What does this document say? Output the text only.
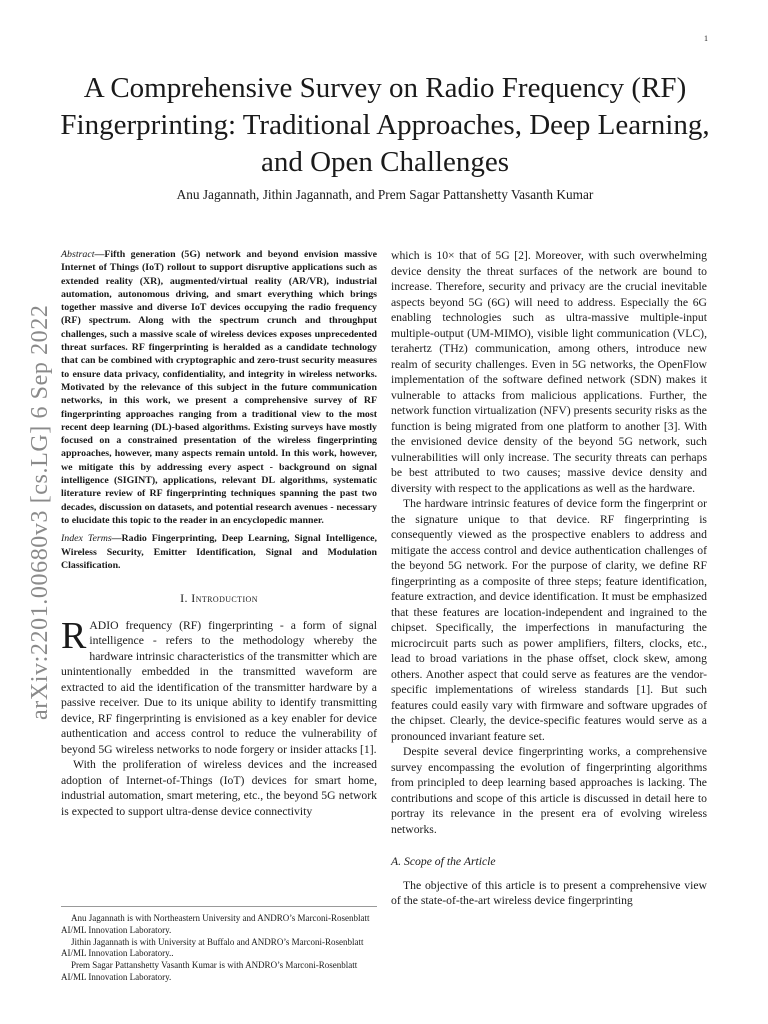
1
arXiv:2201.00680v3 [cs.LG] 6 Sep 2022
A Comprehensive Survey on Radio Frequency (RF) Fingerprinting: Traditional Approaches, Deep Learning, and Open Challenges
Anu Jagannath, Jithin Jagannath, and Prem Sagar Pattanshetty Vasanth Kumar
Abstract—Fifth generation (5G) network and beyond envision massive Internet of Things (IoT) rollout to support disruptive applications such as extended reality (XR), augmented/virtual reality (AR/VR), industrial automation, autonomous driving, and smart everything which brings together massive and diverse IoT devices occupying the radio frequency (RF) spectrum. Along with the spectrum crunch and throughput challenges, such a massive scale of wireless devices exposes unprecedented threat surfaces. RF fingerprinting is heralded as a candidate technology that can be combined with cryptographic and zero-trust security measures to ensure data privacy, confidentiality, and integrity in wireless networks. Motivated by the relevance of this subject in the future communication networks, in this work, we present a comprehensive survey of RF fingerprinting approaches ranging from a traditional view to the most recent deep learning (DL)-based algorithms. Existing surveys have mostly focused on a constrained presentation of the wireless fingerprinting approaches, however, many aspects remain untold. In this work, however, we mitigate this by addressing every aspect - background on signal intelligence (SIGINT), applications, relevant DL algorithms, systematic literature review of RF fingerprinting techniques spanning the past two decades, discussion on datasets, and potential research avenues - necessary to elucidate this topic to the reader in an encyclopedic manner.
Index Terms—Radio Fingerprinting, Deep Learning, Signal Intelligence, Wireless Security, Emitter Identification, Signal and Modulation Classification.
I. Introduction
RADIO frequency (RF) fingerprinting - a form of signal intelligence - refers to the methodology whereby the hardware intrinsic characteristics of the transmitter which are unintentionally embedded in the transmitted waveform are extracted to aid the identification of the transmitter hardware by a passive receiver. Due to its unique ability to identify transmitting device, RF fingerprinting is envisioned as a key enabler for device authentication and access control to reduce the vulnerability of beyond 5G wireless networks to node forgery or insider attacks [1].

With the proliferation of wireless devices and the increased adoption of Internet-of-Things (IoT) devices for smart home, industrial automation, smart metering, etc., the beyond 5G network is expected to support ultra-dense device connectivity

Anu Jagannath is with Northeastern University and ANDRO’s Marconi-Rosenblatt AI/ML Innovation Laboratory.

Jithin Jagannath is with University at Buffalo and ANDRO’s Marconi-Rosenblatt AI/ML Innovation Laboratory..

Prem Sagar Pattanshetty Vasanth Kumar is with ANDRO’s Marconi-Rosenblatt AI/ML Innovation Laboratory.

which is 10× that of 5G [2]. Moreover, with such overwhelming device density the threat surfaces of the network are bound to increase. Therefore, security and privacy are the crucial inevitable aspects beyond 5G (6G) will need to address. Especially the 6G enabling technologies such as ultra-massive multiple-input multiple-output (UM-MIMO), visible light communication (VLC), terahertz (THz) communication, among others, introduce new realm of security challenges. Even in 5G networks, the OpenFlow implementation of the software defined network (SDN) makes it vulnerable to attacks from malicious applications. Further, the network function virtualization (NFV) presents security risks as the function is being migrated from one platform to another [3]. With the envisioned device density of the beyond 5G network, such vulnerabilities will only increase. The security threats can perhaps be best attributed to two causes; massive device density and diversity with respect to the applications as well as the hardware.

The hardware intrinsic features of device form the fingerprint or the signature unique to that device. RF fingerprinting is consequently viewed as the prospective enablers to address and mitigate the access control and device authentication challenges of the beyond 5G network. For the purpose of clarity, we define RF fingerprinting as a composite of three steps; feature identification, feature extraction, and device identification. It must be emphasized that these features are location-independent and ingrained to the chipset. Specifically, the imperfections in manufacturing the microcircuit parts such as power amplifiers, filters, clocks, etc., lead to broad variations in the phase offset, clock skew, among others. Another aspect that could serve as features are the vendor-specific implementations of wireless standards [1]. But such features could easily vary with firmware and software upgrades of the chipset. Clearly, the device-specific features would serve as a pronounced invariant feature set.

Despite several device fingerprinting works, a comprehensive survey encompassing the evolution of fingerprinting algorithms from principled to deep learning based approaches is lacking. The contributions and scope of this article is discussed in detail here to portray its relevance in the present era of evolving wireless networks.

A. Scope of the Article

The objective of this article is to present a comprehensive view of the state-of-the-art wireless device fingerprinting
